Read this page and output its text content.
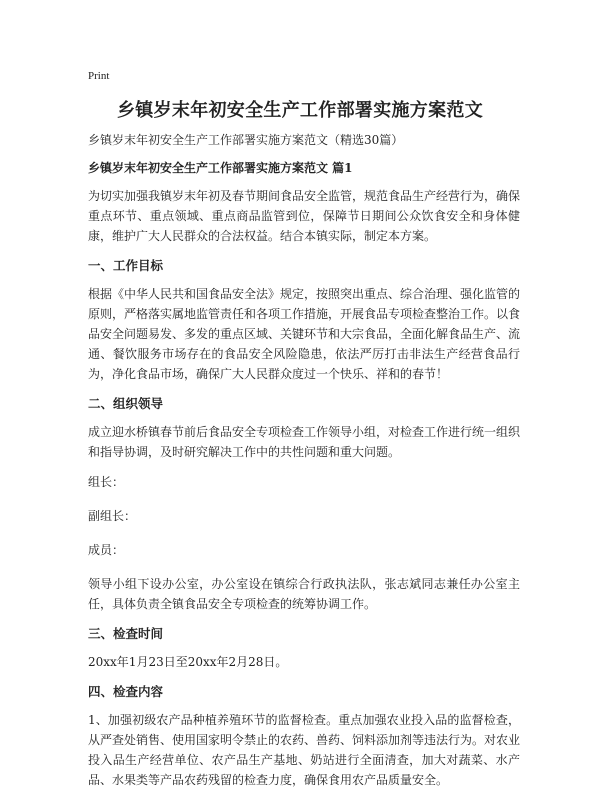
Print
乡镇岁末年初安全生产工作部署实施方案范文

乡镇岁末年初安全生产工作部署实施方案范文（精选30篇）

乡镇岁末年初安全生产工作部署实施方案范文 篇1

为切实加强我镇岁末年初及春节期间食品安全监管，规范食品生产经营行为，确保重点环节、重点领域、重点商品监管到位，保障节日期间公众饮食安全和身体健康，维护广大人民群众的合法权益。结合本镇实际，制定本方案。

一、工作目标

根据《中华人民共和国食品安全法》规定，按照突出重点、综合治理、强化监管的原则，严格落实属地监管责任和各项工作措施，开展食品专项检查整治工作。以食品安全问题易发、多发的重点区域、关键环节和大宗食品，全面化解食品生产、流通、餐饮服务市场存在的食品安全风险隐患，依法严厉打击非法生产经营食品行为，净化食品市场，确保广大人民群众度过一个快乐、祥和的春节！

二、组织领导

成立迎水桥镇春节前后食品安全专项检查工作领导小组，对检查工作进行统一组织和指导协调，及时研究解决工作中的共性问题和重大问题。

组长：

副组长：

成员：

领导小组下设办公室，办公室设在镇综合行政执法队，张志斌同志兼任办公室主任，具体负责全镇食品安全专项检查的统筹协调工作。

三、检查时间

20xx年1月23日至20xx年2月28日。

四、检查内容

1、加强初级农产品种植养殖环节的监督检查。重点加强农业投入品的监督检查，从严查处销售、使用国家明令禁止的农药、兽药、饲料添加剂等违法行为。对农业投入品生产经营单位、农产品生产基地、奶站进行全面清查，加大对蔬菜、水产品、水果类等产品农药残留的检查力度，确保食用农产品质量安全。
